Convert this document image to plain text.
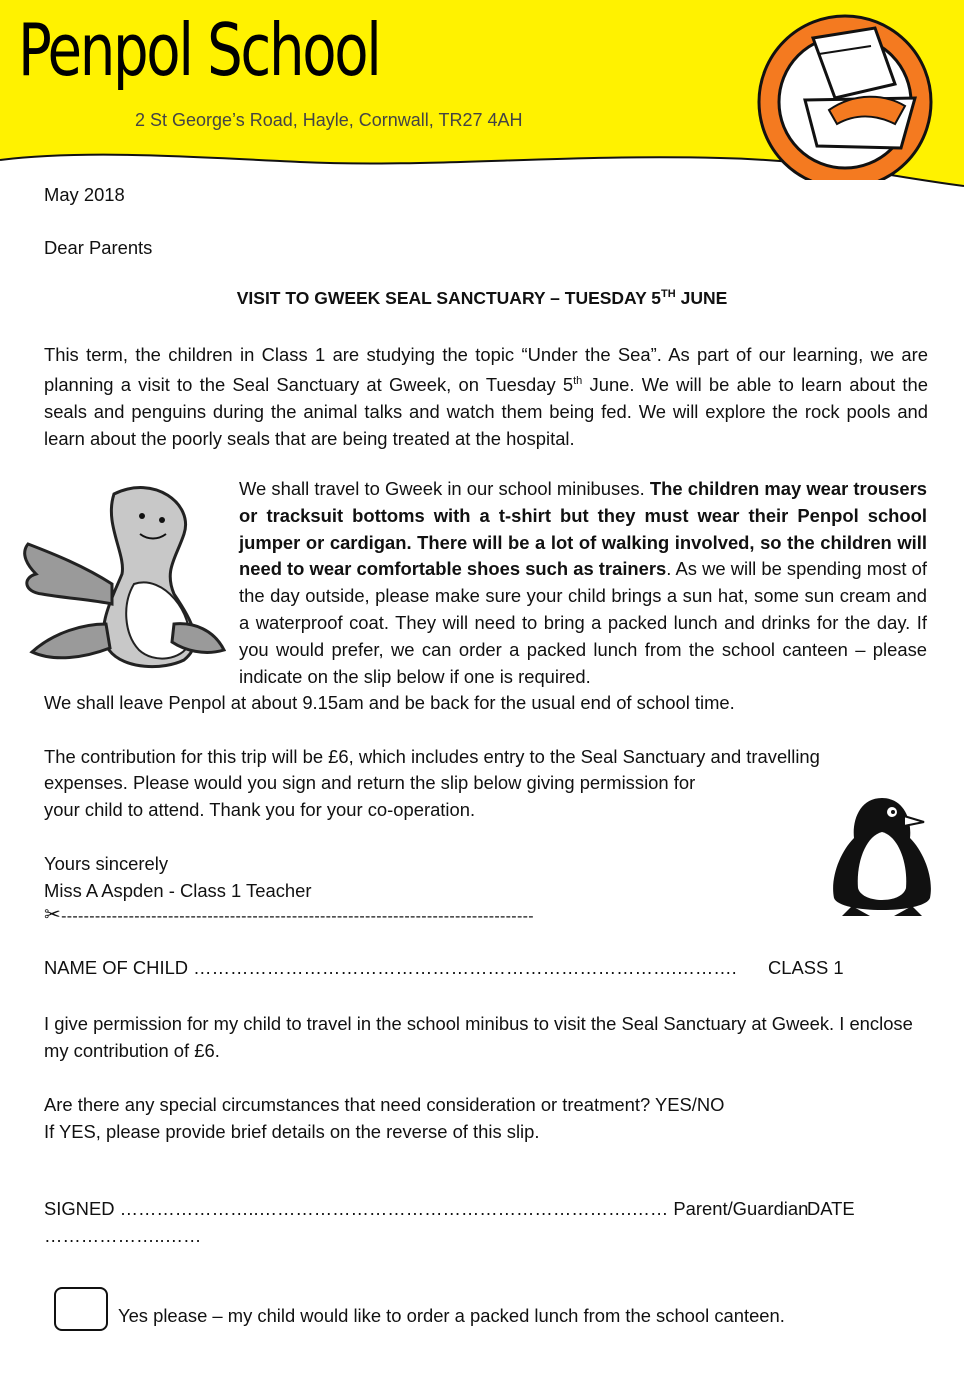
Penpol School
2 St George’s Road, Hayle, Cornwall, TR27 4AH
May 2018
Dear Parents
VISIT TO GWEEK SEAL SANCTUARY – TUESDAY 5TH JUNE
This term, the children in Class 1 are studying the topic “Under the Sea”. As part of our learning, we are planning a visit to the Seal Sanctuary at Gweek, on Tuesday 5th June. We will be able to learn about the seals and penguins during the animal talks and watch them being fed. We will explore the rock pools and learn about the poorly seals that are being treated at the hospital.
We shall travel to Gweek in our school minibuses. The children may wear trousers or tracksuit bottoms with a t-shirt but they must wear their Penpol school jumper or cardigan. There will be a lot of walking involved, so the children will need to wear comfortable shoes such as trainers. As we will be spending most of the day outside, please make sure your child brings a sun hat, some sun cream and a waterproof coat. They will need to bring a packed lunch and drinks for the day. If you would prefer, we can order a packed lunch from the school canteen – please indicate on the slip below if one is required.
We shall leave Penpol at about 9.15am and be back for the usual end of school time.
The contribution for this trip will be £6, which includes entry to the Seal Sanctuary and travelling
expenses. Please would you sign and return the slip below giving permission for
your child to attend. Thank you for your co-operation.
Yours sincerely
Miss A Aspden - Class 1 Teacher
✂------------------------------------------------------------------------------------
NAME OF CHILD …………………………………………………………………….………. CLASS 1
I give permission for my child to travel in the school minibus to visit the Seal Sanctuary at Gweek. I enclose my contribution of £6.
Are there any special circumstances that need consideration or treatment? YES/NO
If YES, please provide brief details on the reverse of this slip.
SIGNED …………………..…………………………………………………….…… Parent/Guardian
DATE
………………..……
Yes please – my child would like to order a packed lunch from the school canteen.
